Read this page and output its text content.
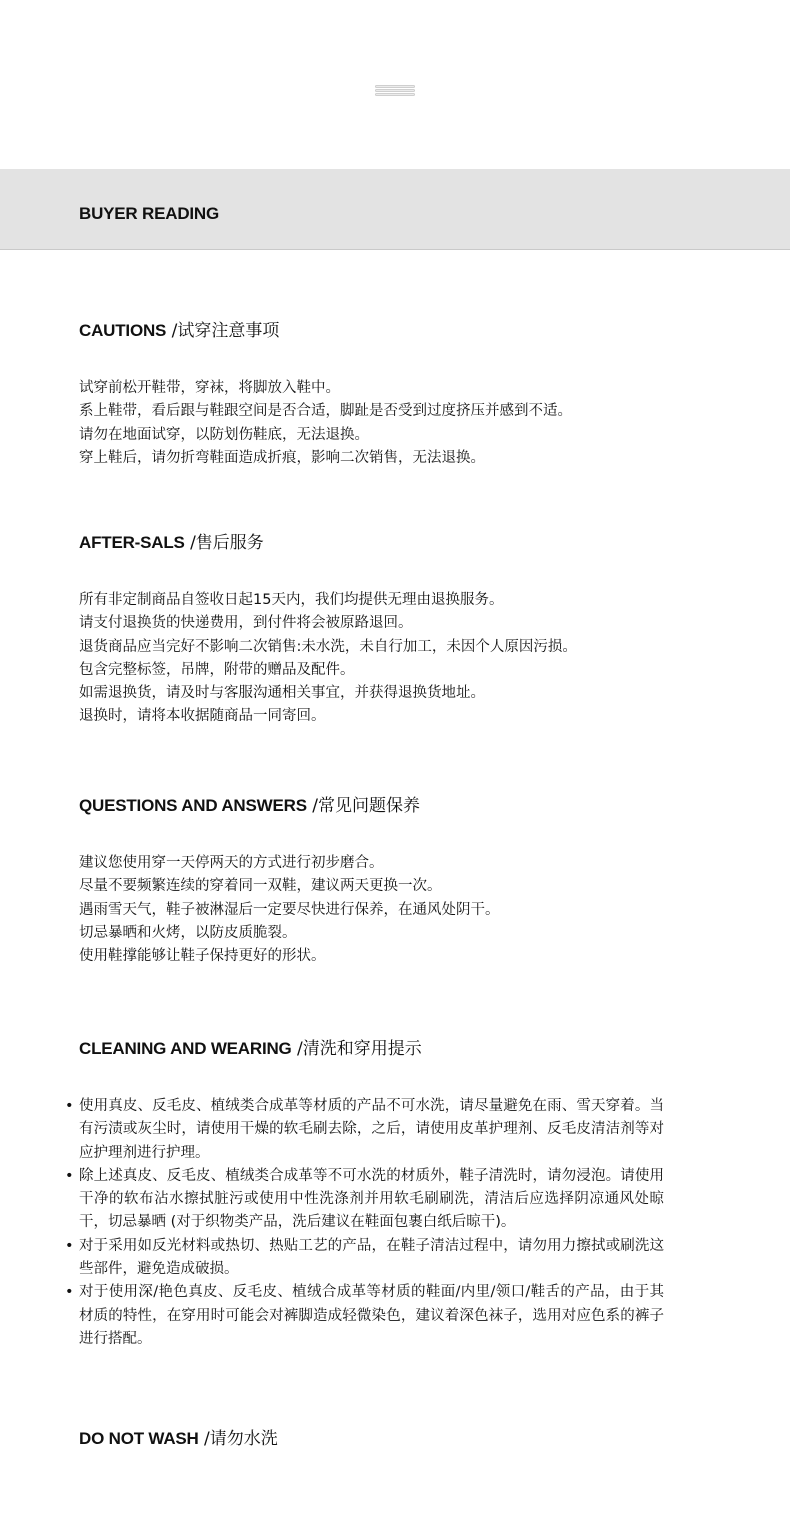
BUYER READING
CAUTIONS /试穿注意事项
试穿前松开鞋带，穿袜，将脚放入鞋中。
系上鞋带，看后跟与鞋跟空间是否合适，脚趾是否受到过度挤压并感到不适。
请勿在地面试穿，以防划伤鞋底，无法退换。
穿上鞋后，请勿折弯鞋面造成折痕，影响二次销售，无法退换。
AFTER-SALS /售后服务
所有非定制商品自签收日起15天内，我们均提供无理由退换服务。
请支付退换货的快递费用，到付件将会被原路退回。
退货商品应当完好不影响二次销售:未水洗，未自行加工，未因个人原因污损。
包含完整标签，吊牌，附带的赠品及配件。
如需退换货，请及时与客服沟通相关事宜，并获得退换货地址。
退换时，请将本收据随商品一同寄回。
QUESTIONS AND ANSWERS /常见问题保养
建议您使用穿一天停两天的方式进行初步磨合。
尽量不要频繁连续的穿着同一双鞋，建议两天更换一次。
遇雨雪天气，鞋子被淋湿后一定要尽快进行保养，在通风处阴干。
切忌暴晒和火烤，以防皮质脆裂。
使用鞋撑能够让鞋子保持更好的形状。
CLEANING AND WEARING /清洗和穿用提示
• 使用真皮、反毛皮、植绒类合成革等材质的产品不可水洗，请尽量避免在雨、雪天穿着。当有污渍或灰尘时，请使用干燥的软毛刷去除，之后，请使用皮革护理剂、反毛皮清洁剂等对应护理剂进行护理。
• 除上述真皮、反毛皮、植绒类合成革等不可水洗的材质外，鞋子清洗时，请勿浸泡。请使用干净的软布沾水擦拭脏污或使用中性洗涤剂并用软毛刷刷洗，清洁后应选择阴凉通风处晾干，切忌暴晒 (对于织物类产品，洗后建议在鞋面包裹白纸后晾干)。
• 对于采用如反光材料或热切、热贴工艺的产品，在鞋子清洁过程中，请勿用力擦拭或刷洗这些部件，避免造成破损。
• 对于使用深/艳色真皮、反毛皮、植绒合成革等材质的鞋面/内里/领口/鞋舌的产品，由于其材质的特性，在穿用时可能会对裤脚造成轻微染色，建议着深色袜子，选用对应色系的裤子进行搭配。
DO NOT WASH /请勿水洗
